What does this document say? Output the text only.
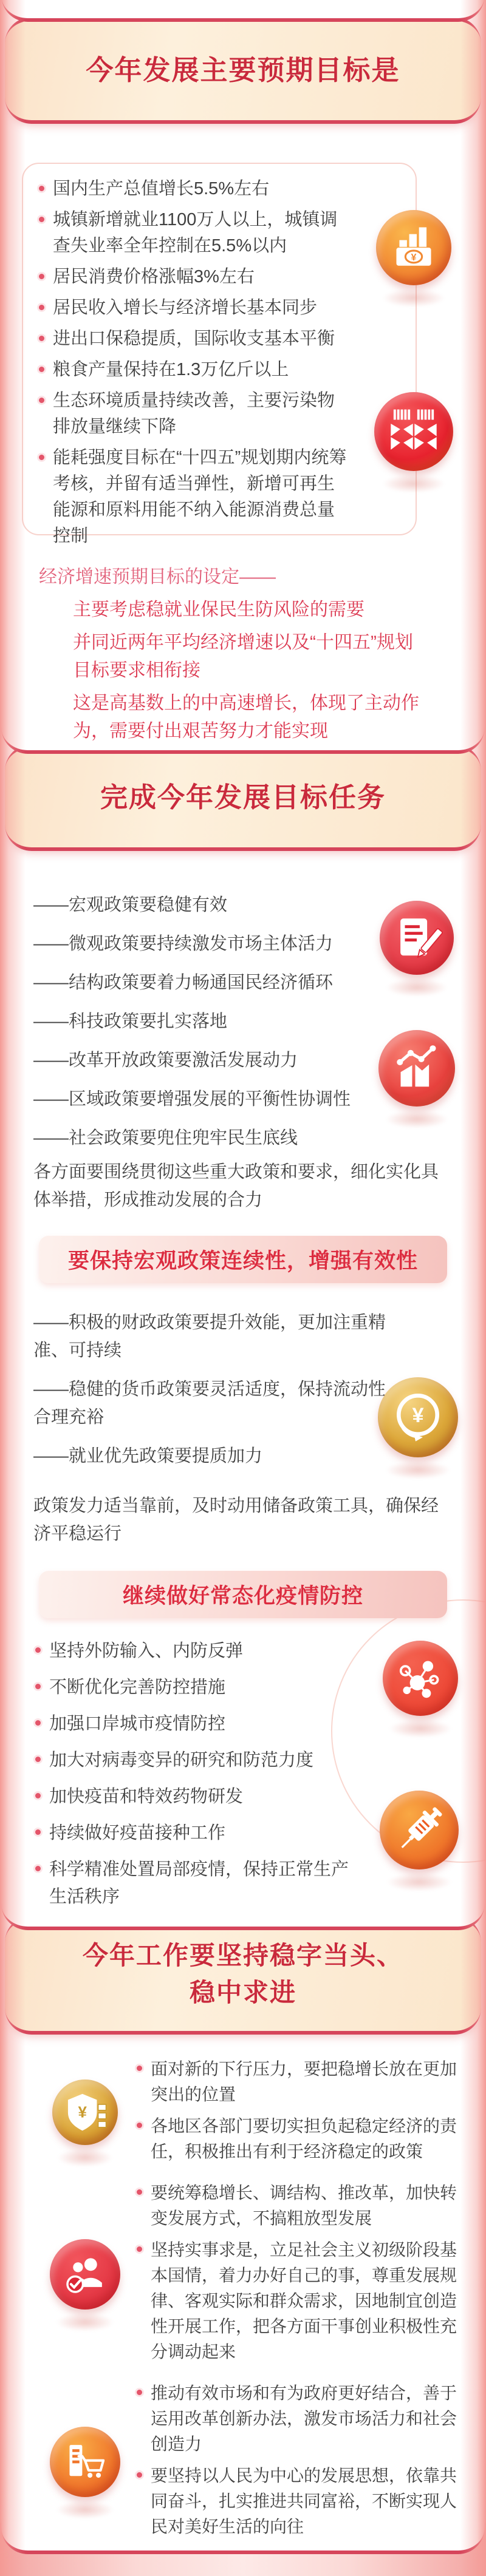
今年发展主要预期目标是
完成今年发展目标任务
今年工作要坚持稳字当头、
稳中求进
国内生产总值增长5.5%左右
城镇新增就业1100万人以上，城镇调查失业率全年控制在5.5%以内
居民消费价格涨幅3%左右
居民收入增长与经济增长基本同步
进出口保稳提质，国际收支基本平衡
粮食产量保持在1.3万亿斤以上
生态环境质量持续改善，主要污染物排放量继续下降
能耗强度目标在“十四五”规划期内统筹考核，并留有适当弹性，新增可再生能源和原料用能不纳入能源消费总量控制
¥

经济增速预期目标的设定——

主要考虑稳就业保民生防风险的需要

并同近两年平均经济增速以及“十四五”规划目标要求相衔接

这是高基数上的中高速增长，体现了主动作为，需要付出艰苦努力才能实现

——宏观政策要稳健有效
——微观政策要持续激发市场主体活力
——结构政策要着力畅通国民经济循环
——科技政策要扎实落地
——改革开放政策要激活发展动力
——区域政策要增强发展的平衡性协调性
——社会政策要兜住兜牢民生底线

各方面要围绕贯彻这些重大政策和要求，细化实化具体举措，形成推动发展的合力

要保持宏观政策连续性，增强有效性
——积极的财政政策要提升效能，更加注重精准、可持续
——稳健的货币政策要灵活适度，保持流动性合理充裕
——就业优先政策要提质加力
¥

政策发力适当靠前，及时动用储备政策工具，确保经济平稳运行

继续做好常态化疫情防控
坚持外防输入、内防反弹
不断优化完善防控措施
加强口岸城市疫情防控
加大对病毒变异的研究和防范力度
加快疫苗和特效药物研发
持续做好疫苗接种工作
科学精准处置局部疫情，保持正常生产生活秩序
¥
面对新的下行压力，要把稳增长放在更加突出的位置
各地区各部门要切实担负起稳定经济的责任，积极推出有利于经济稳定的政策
要统筹稳增长、调结构、推改革，加快转变发展方式，不搞粗放型发展
坚持实事求是，立足社会主义初级阶段基本国情，着力办好自己的事，尊重发展规律、客观实际和群众需求，因地制宜创造性开展工作，把各方面干事创业积极性充分调动起来
推动有效市场和有为政府更好结合，善于运用改革创新办法，激发市场活力和社会创造力
要坚持以人民为中心的发展思想，依靠共同奋斗，扎实推进共同富裕，不断实现人民对美好生活的向往
